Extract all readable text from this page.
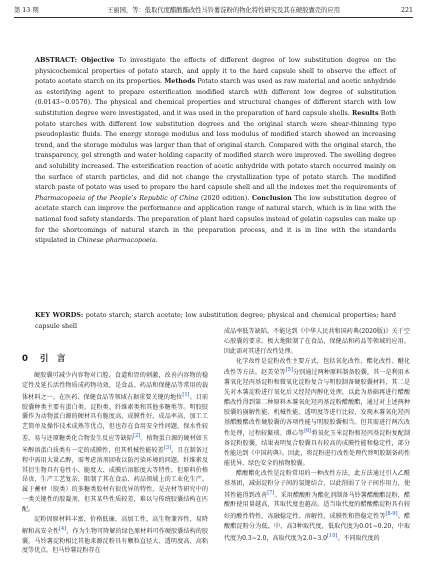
第 13 期	王丽园，等：低取代度醋酸酯改性马铃薯淀粉的物化特性研究及其在硬胶囊壳的应用	221
ABSTRACT: Objective To investigate the effects of different degree of low substitution degree on the physicochemical properties of potato starch, and apply it to the hard capsule shell to observe the effect of potato acetate starch on its properties. Methods Potato starch was used as raw material and acetic anhydride as esterifying agent to prepare esterification modified starch with different low degree of substitution (0.0143~0.0570). The physical and chemical properties and structural changes of different starch with low substitution degree were investigated, and it was used in the preparation of hard capsule shells. Results Both potato starches with different low substitution degrees and the original starch were shear-thinning type pseudoplastic fluids. The energy storage modulus and loss modulus of modified starch showed an increasing trend, and the storage modulus was larger than that of original starch. Compared with the original starch, the transparency, gel strength and water holding capacity of modified starch were improved. The swelling degree and solubility increased. The esterification reaction of acetic anhydride with potato starch occurred mainly on the surface of starch particles, and did not change the crystallization type of potato starch. The modified starch paste of potato was used to prepare the hard capsule shell and all the indexes met the requirements of Pharmacopoeia of the People’s Republic of China (2020 edition). Conclusion The low substitution degree of acetate starch can improve the performance and application range of natural starch, which is in line with the national food safety standards. The preparation of plant hard capsules instead of gelatin capsules can make up for the shortcomings of natural starch in the preparation process, and it is in line with the standards stipulated in Chinese pharmacopoeia.
KEY WORDS: potato starch; starch acetate; low substitution degree; physical and chemical properties; hard capsule shell
0 引　言

硬胶囊可减少内容物对口腔、食道和胃的刺激，改善内容物的稳定性及延长活性物质成药物功效，是食品、药品和保健品等常用的载体材料之一。在医药、保健食品等领域占据重要关键的地位[1]。目前胶囊种类主要有蛋白类、淀粉类、纤维素类和其他多糖类等。明胶胶囊作为动物蛋白源的硬材具有脆度高、成膜性好、成品率高、加工工艺简单及操作技术成熟等优点，但也存在食用安全性问题，保水性较差，易与还原糖类化合物发生反应等缺陷[2]。植物蛋白源的硬材如玉米醇溶蛋白质类有一定的成膜性，但其机械性能较差[3]，且在制备过程中需用大量乙醇，需考虑溶剂回收以防污染环境的问题。纤维素及其衍生物具有卷性小、脆度大、成膜后溶胀度大等特性，但原料价格昂贵，生产工艺复杂，限制了其在食品、药品领域上的工业化生产。属于蓄材（胶类）的多糖类胶材有很优异的特性，是壳材等研究中的一类关键性的胶凝剂，但其某些性质较差，难以与传统胶囊结构在匹配。

淀粉因原材料丰富、价格低廉、高加工性、高生物兼容性、易降解和高安全性[4]，作为生物可降解的绿色原材料可作硬胶囊结构的胶囊。马铃薯淀粉相比其他来源淀粉具有颗粒直径大、透明度高、高粘度等优点。但马铃薯淀粉存在

成品率低等缺陷，不能达到《中华人民共和国药典(2020版)》关于空心胶囊的要求。极大地限制了在食品、保健品和药品等领域的应用，因此需对其进行改性处理。

化学改性是淀粉改性主要方式，包括氧化改性、酯化改性、醚化改性等方法。赵美荣等[5]分别通过两种原料制备胶囊，其一是利用木薯氧化羟丙基淀粉和微氧化淀粉复合与明胶制备硬胶囊材料，其二是先对木薯淀粉进行氧化后又经羟丙醇化处理，以此为基础再进行醋酸酯改性得到第二种原料木薯氧化羟丙基淀粉醋酸酯，通过对上述两种胶囊的崩解性能、机械性能、透明度等进行比较，发现木薯氧化羟丙基醋酸酯改性硬胶囊的各项性能与明胶胶囊相当。但其需进行两次改性处理，过程较繁琐。谭心等[6]将氧化玉米淀粉和羟丙基淀粉复配制备淀粉胶囊，结果表明复合胶囊具有较高的成膜性能和稳定性，部分性能达到《中国药典》。因此，将淀粉进行改性处理代替明胶制备药性能优异、绿色安全的植物胶囊。

醋酸酯化改性是淀粉常用的一种改性方法，此方法通过引入乙酰基基团，减弱淀粉分子间的氢键结合，以此削弱了分子间作用力，使其性能得到改善[7]。采用醋酸酐为酯化剂制备马铃薯醋酸酯淀粉，醋酸酐使用量越高，其取代度也越高。适当取代度的醋酸酯淀粉具有较好的酸性特性、冻融稳定性、溶解性、成膜性和热稳定性等[8-9]。醋酸酯淀粉分为低、中、高3种取代度，低取代度为0.01~0.20，中取代度为0.3~2.0，高取代度为2.0~3.0[10]。不同取代度的
